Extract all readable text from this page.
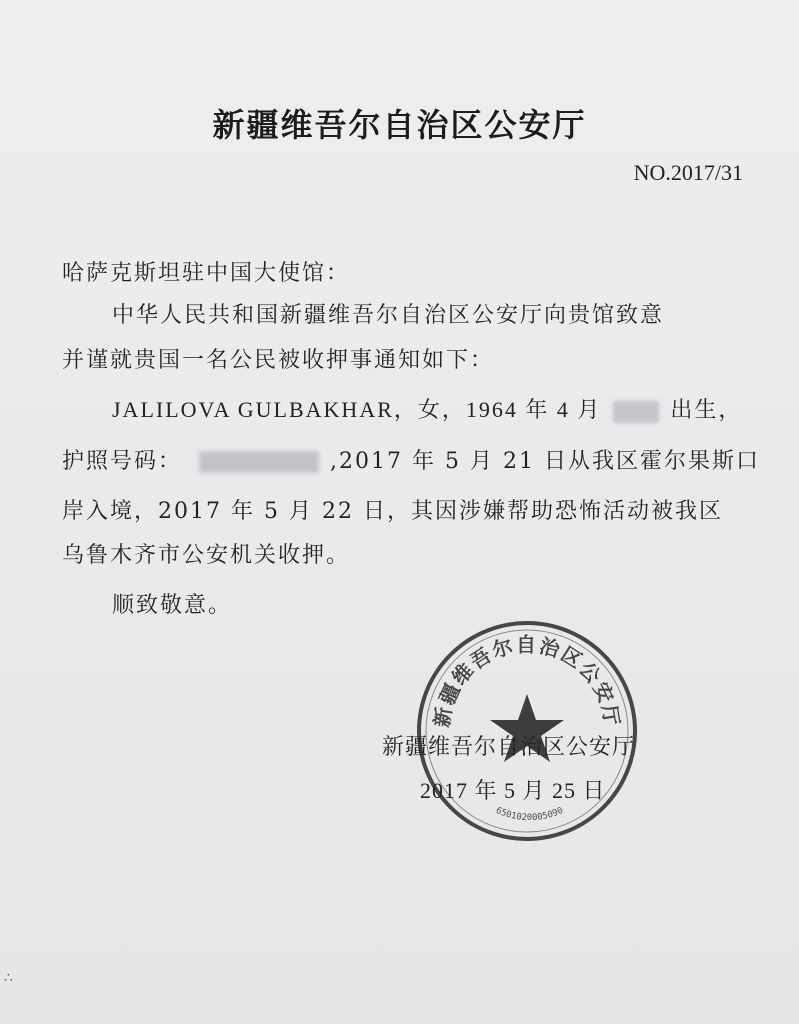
新疆维吾尔自治区公安厅
NO.2017/31
哈萨克斯坦驻中国大使馆：
中华人民共和国新疆维吾尔自治区公安厅向贵馆致意
并谨就贵国一名公民被收押事通知如下：
JALILOVA GULBAKHAR，女，1964 年 4 月	出生，
护照号码：	,2017 年 5 月 21 日从我区霍尔果斯口
岸入境，2017 年 5 月 22 日，其因涉嫌帮助恐怖活动被我区
乌鲁木齐市公安机关收押。
顺致敬意。
新疆维吾尔自治区公安厅
6501020005090
新疆维吾尔自治区公安厅
2017 年 5 月 25 日
∴
